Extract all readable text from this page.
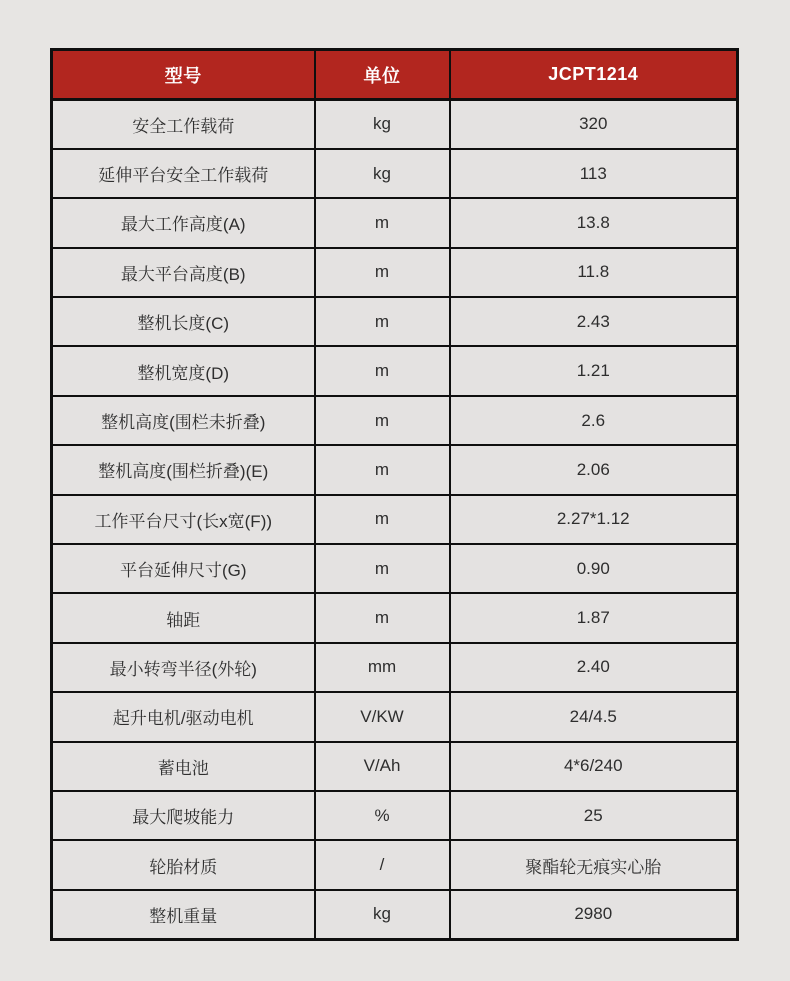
型号	单位	JCPT1214
安全工作载荷	kg	320
延伸平台安全工作载荷	kg	113
最大工作高度(A)	m	13.8
最大平台高度(B)	m	11.8
整机长度(C)	m	2.43
整机宽度(D)	m	1.21
整机高度(围栏未折叠)	m	2.6
整机高度(围栏折叠)(E)	m	2.06
工作平台尺寸(长x宽(F))	m	2.27*1.12
平台延伸尺寸(G)	m	0.90
轴距	m	1.87
最小转弯半径(外轮)	mm	2.40
起升电机/驱动电机	V/KW	24/4.5
蓄电池	V/Ah	4*6/240
最大爬坡能力	%	25
轮胎材质	/	聚酯轮无痕实心胎
整机重量	kg	2980
